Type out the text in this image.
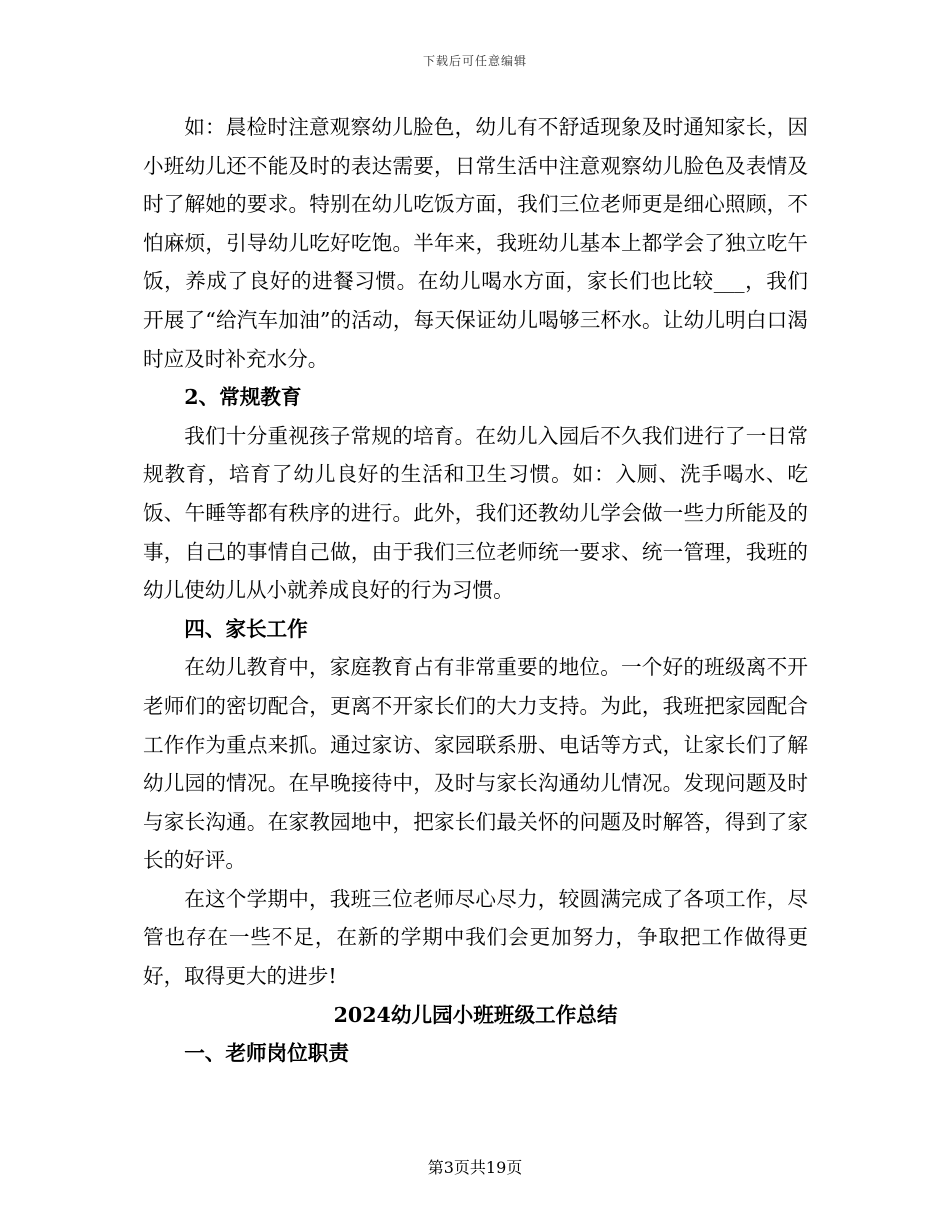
下载后可任意编辑

如：晨检时注意观察幼儿脸色，幼儿有不舒适现象及时通知家长，因小班幼儿还不能及时的表达需要，日常生活中注意观察幼儿脸色及表情及时了解她的要求。特别在幼儿吃饭方面，我们三位老师更是细心照顾，不怕麻烦，引导幼儿吃好吃饱。半年来，我班幼儿基本上都学会了独立吃午饭，养成了良好的进餐习惯。在幼儿喝水方面，家长们也比较___，我们开展了“给汽车加油”的活动，每天保证幼儿喝够三杯水。让幼儿明白口渴时应及时补充水分。

2、常规教育

我们十分重视孩子常规的培育。在幼儿入园后不久我们进行了一日常规教育，培育了幼儿良好的生活和卫生习惯。如：入厕、洗手喝水、吃饭、午睡等都有秩序的进行。此外，我们还教幼儿学会做一些力所能及的事，自己的事情自己做，由于我们三位老师统一要求、统一管理，我班的幼儿使幼儿从小就养成良好的行为习惯。

四、家长工作

在幼儿教育中，家庭教育占有非常重要的地位。一个好的班级离不开老师们的密切配合，更离不开家长们的大力支持。为此，我班把家园配合工作作为重点来抓。通过家访、家园联系册、电话等方式，让家长们了解幼儿园的情况。在早晚接待中，及时与家长沟通幼儿情况。发现问题及时与家长沟通。在家教园地中，把家长们最关怀的问题及时解答，得到了家长的好评。

在这个学期中，我班三位老师尽心尽力，较圆满完成了各项工作，尽管也存在一些不足，在新的学期中我们会更加努力，争取把工作做得更好，取得更大的进步!

2024幼儿园小班班级工作总结

一、老师岗位职责

第3页共19页
